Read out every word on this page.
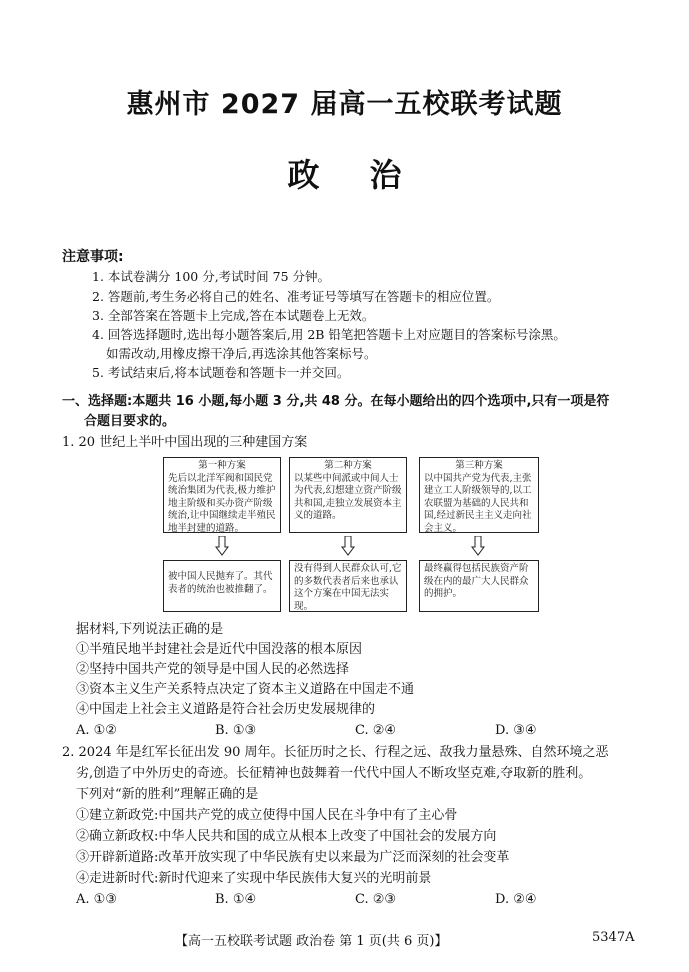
惠州市 2027 届高一五校联考试题
政治
注意事项:
1. 本试卷满分 100 分,考试时间 75 分钟。
2. 答题前,考生务必将自己的姓名、准考证号等填写在答题卡的相应位置。
3. 全部答案在答题卡上完成,答在本试题卷上无效。
4. 回答选择题时,选出每小题答案后,用 2B 铅笔把答题卡上对应题目的答案标号涂黑。
如需改动,用橡皮擦干净后,再选涂其他答案标号。
5. 考试结束后,将本试题卷和答题卡一并交回。
一、选择题:本题共 16 小题,每小题 3 分,共 48 分。在每小题给出的四个选项中,只有一项是符
合题目要求的。
1. 20 世纪上半叶中国出现的三种建国方案
第一种方案
先后以北洋军阀和国民党统治集团为代表,极力维护地主阶级和买办资产阶级统治,让中国继续走半殖民地半封建的道路。
第二种方案
以某些中间派或中间人士为代表,幻想建立资产阶级共和国,走独立发展资本主义的道路。
第三种方案
以中国共产党为代表,主张建立工人阶级领导的,以工农联盟为基础的人民共和国,经过新民主主义走向社会主义。
被中国人民抛弃了。其代表者的统治也被推翻了。
没有得到人民群众认可,它的多数代表者后来也承认这个方案在中国无法实现。
最终赢得包括民族资产阶级在内的最广大人民群众的拥护。
据材料,下列说法正确的是
①半殖民地半封建社会是近代中国没落的根本原因
②坚持中国共产党的领导是中国人民的必然选择
③资本主义生产关系特点决定了资本主义道路在中国走不通
④中国走上社会主义道路是符合社会历史发展规律的
A. ①②	B. ①③	C. ②④	D. ③④
2. 2024 年是红军长征出发 90 周年。长征历时之长、行程之远、敌我力量悬殊、自然环境之恶
劣,创造了中外历史的奇迹。长征精神也鼓舞着一代代中国人不断攻坚克难,夺取新的胜利。
下列对“新的胜利”理解正确的是
①建立新政党:中国共产党的成立使得中国人民在斗争中有了主心骨
②确立新政权:中华人民共和国的成立从根本上改变了中国社会的发展方向
③开辟新道路:改革开放实现了中华民族有史以来最为广泛而深刻的社会变革
④走进新时代:新时代迎来了实现中华民族伟大复兴的光明前景
A. ①③	B. ①④	C. ②③	D. ②④
【高一五校联考试题 政治卷 第 1 页(共 6 页)】	5347A
